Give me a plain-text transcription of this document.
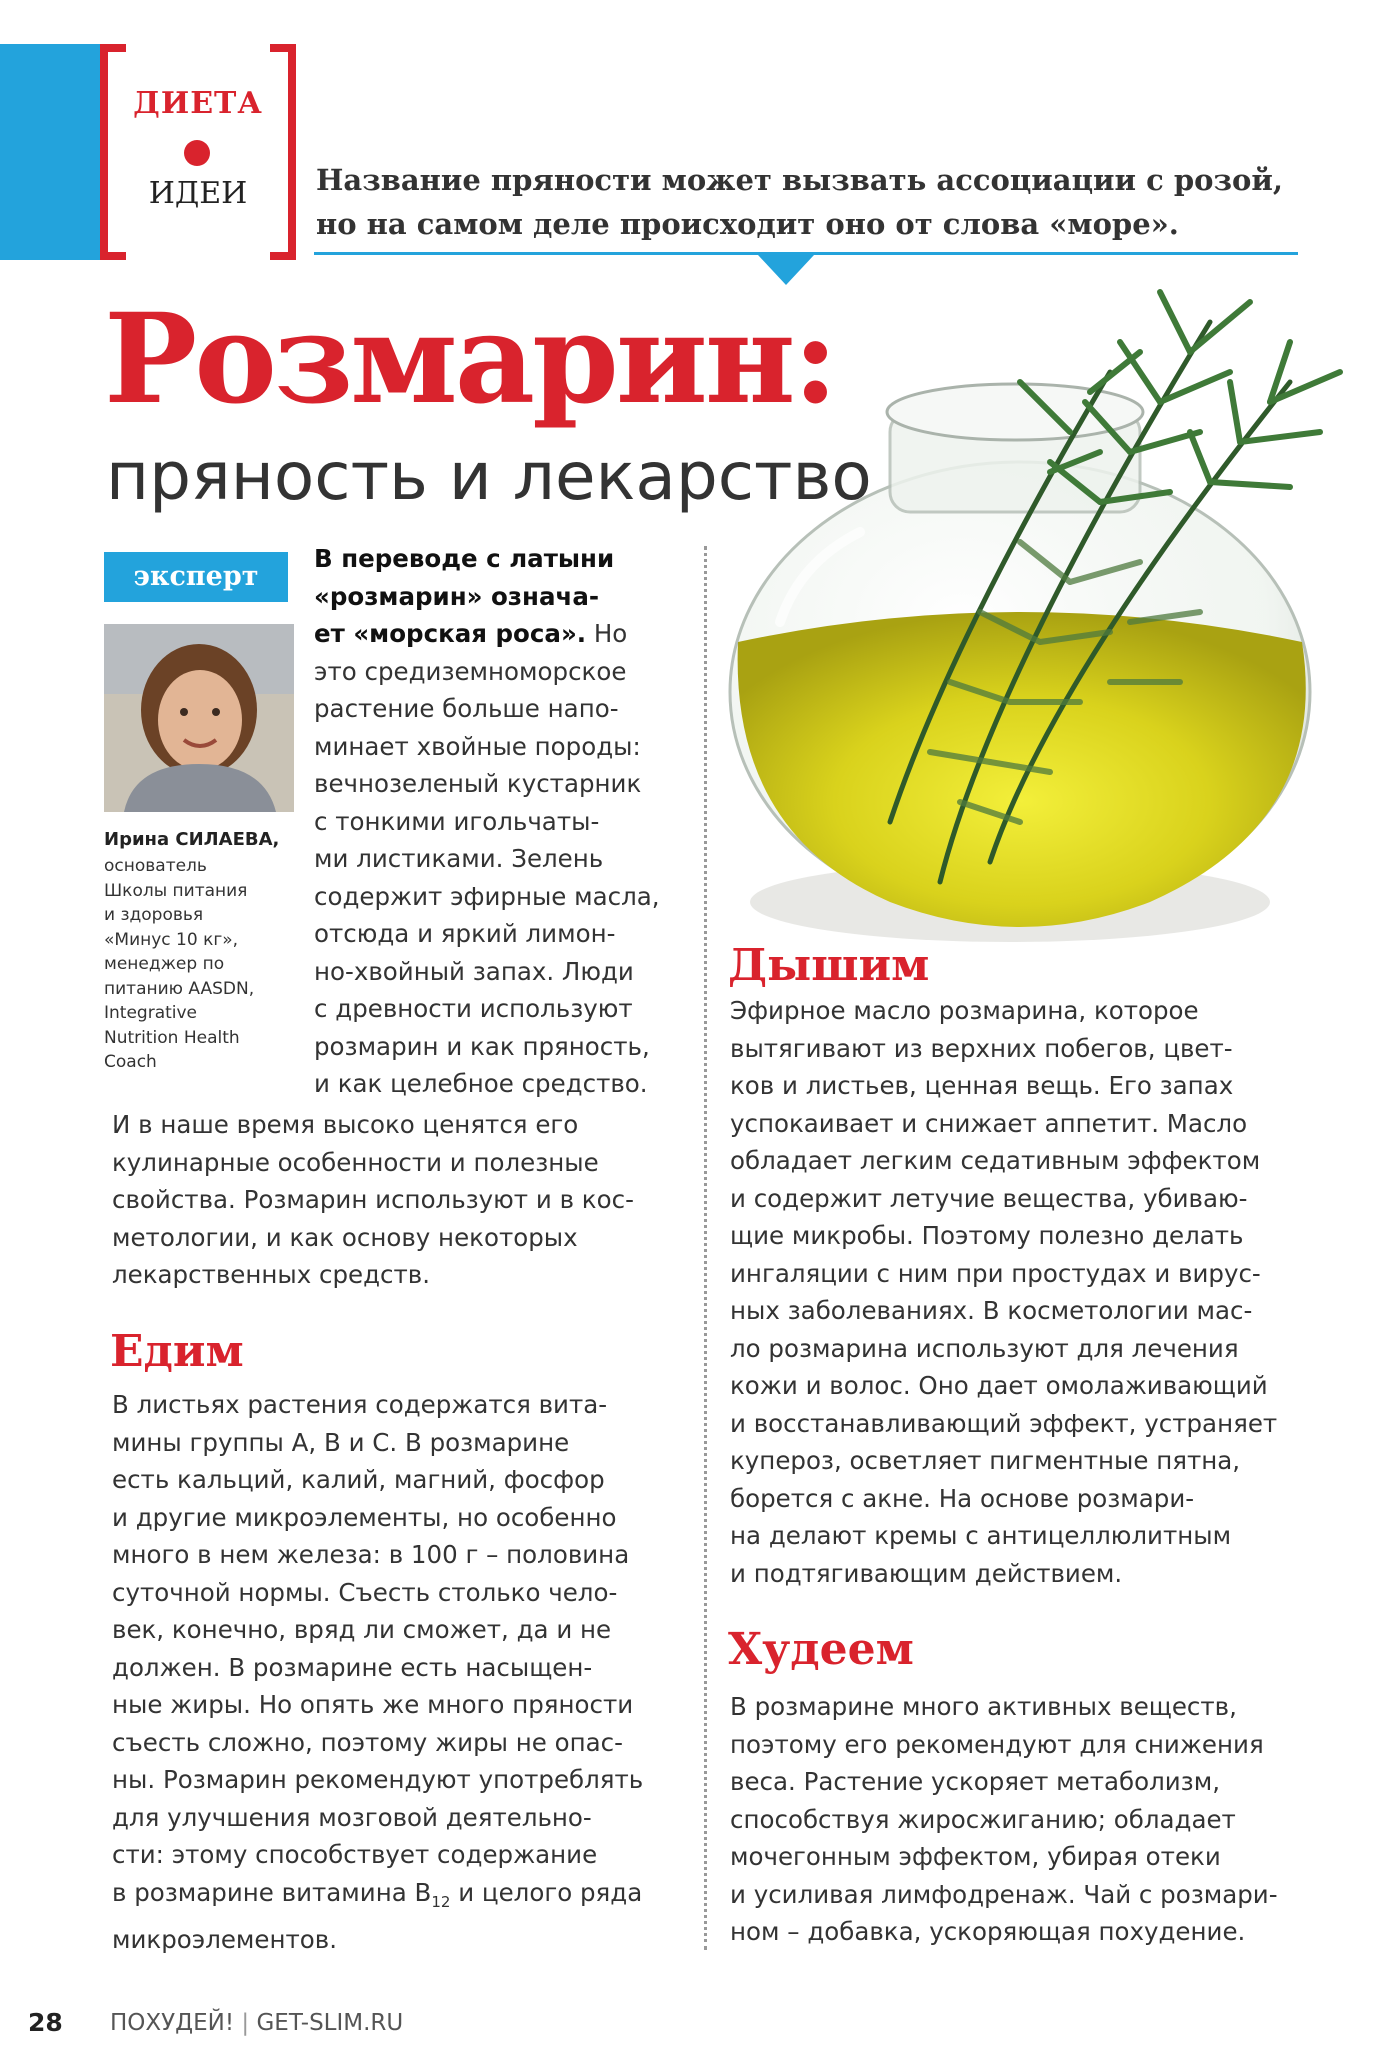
ДИЕТА
ИДЕИ	Название пряности может вызвать ассоциации с розой, но на самом деле происходит оно от слова «море».
Розмарин:
пряность и лекарство
эксперт
Ирина СИЛАЕВА,
основатель
Школы питания
и здоровья
«Минус 10 кг»,
менеджер по
питанию AASDN,
Integrative
Nutrition Health
Coach
В переводе с латыни
«розмарин» означа-
ет «морская роса». Но
это средиземноморское
растение больше напо-
минает хвойные породы:
вечнозеленый кустарник
с тонкими игольчаты-
ми листиками. Зелень
содержит эфирные масла,
отсюда и яркий лимон-
но-хвойный запах. Люди
с древности используют
розмарин и как пряность,
и как целебное средство.
И в наше время высоко ценятся его
кулинарные особенности и полезные
свойства. Розмарин используют и в кос-
метологии, и как основу некоторых
лекарственных средств.
Едим
В листьях растения содержатся вита-
мины группы А, В и С. В розмарине
есть кальций, калий, магний, фосфор
и другие микроэлементы, но особенно
много в нем железа: в 100 г – половина
суточной нормы. Съесть столько чело-
век, конечно, вряд ли сможет, да и не
должен. В розмарине есть насыщен-
ные жиры. Но опять же много пряности
съесть сложно, поэтому жиры не опас-
ны. Розмарин рекомендуют употреблять
для улучшения мозговой деятельно-
сти: этому способствует содержание
в розмарине витамина $В_{12}$ и целого ряда
микроэлементов.
Дышим
Эфирное масло розмарина, которое
вытягивают из верхних побегов, цвет-
ков и листьев, ценная вещь. Его запах
успокаивает и снижает аппетит. Масло
обладает легким седативным эффектом
и содержит летучие вещества, убиваю-
щие микробы. Поэтому полезно делать
ингаляции с ним при простудах и вирус-
ных заболеваниях. В косметологии мас-
ло розмарина используют для лечения
кожи и волос. Оно дает омолаживающий
и восстанавливающий эффект, устраняет
купероз, осветляет пигментные пятна,
борется с акне. На основе розмари-
на делают кремы с антицеллюлитным
и подтягивающим действием.
Худеем
В розмарине много активных веществ,
поэтому его рекомендуют для снижения
веса. Растение ускоряет метаболизм,
способствуя жиросжиганию; обладает
мочегонным эффектом, убирая отеки
и усиливая лимфодренаж. Чай с розмари-
ном – добавка, ускоряющая похудение.
28 ПОХУДЕЙ! | GET-SLIM.RU
